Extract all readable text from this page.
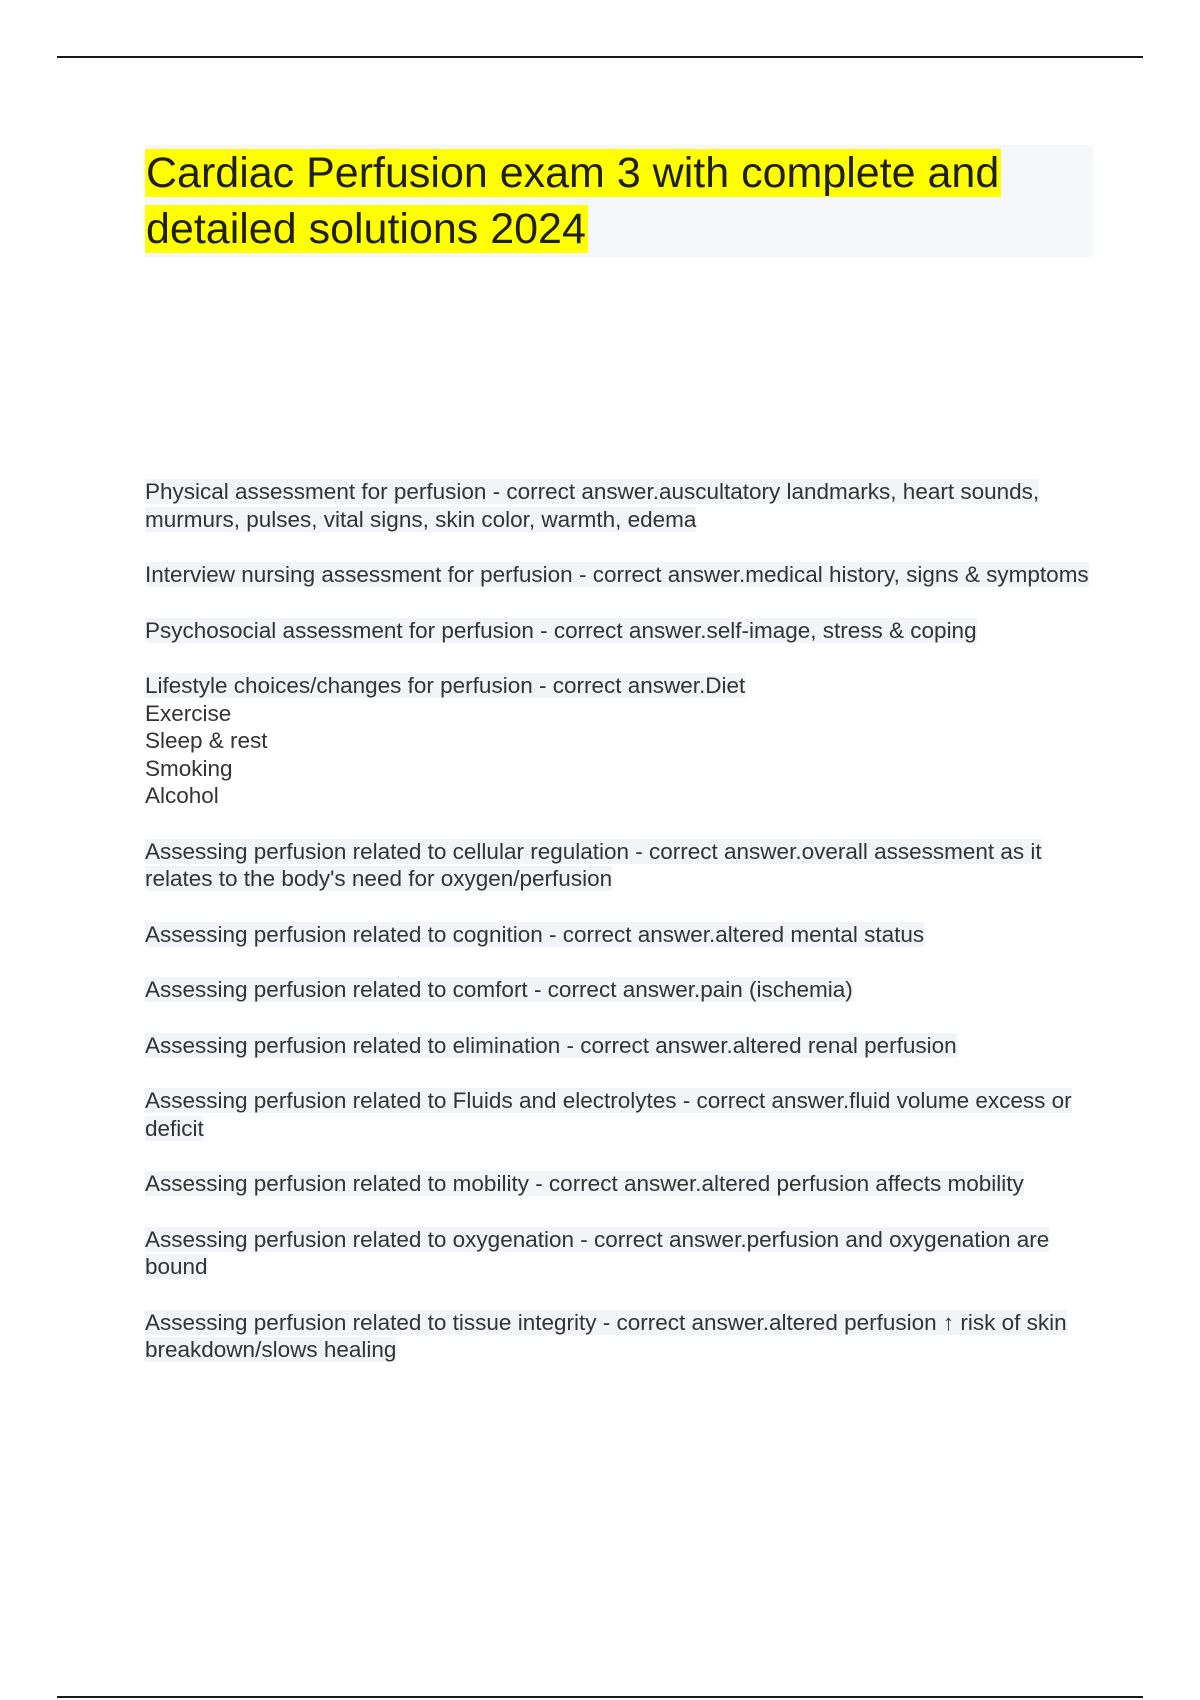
Cardiac Perfusion exam 3 with complete and detailed solutions 2024
Physical assessment for perfusion - correct answer.auscultatory landmarks, heart sounds, murmurs, pulses, vital signs, skin color, warmth, edema
Interview nursing assessment for perfusion - correct answer.medical history, signs & symptoms
Psychosocial assessment for perfusion - correct answer.self-image, stress & coping
Lifestyle choices/changes for perfusion - correct answer.Diet
Exercise
Sleep & rest
Smoking
Alcohol
Assessing perfusion related to cellular regulation - correct answer.overall assessment as it relates to the body's need for oxygen/perfusion
Assessing perfusion related to cognition - correct answer.altered mental status
Assessing perfusion related to comfort - correct answer.pain (ischemia)
Assessing perfusion related to elimination - correct answer.altered renal perfusion
Assessing perfusion related to Fluids and electrolytes - correct answer.fluid volume excess or deficit
Assessing perfusion related to mobility - correct answer.altered perfusion affects mobility
Assessing perfusion related to oxygenation - correct answer.perfusion and oxygenation are bound
Assessing perfusion related to tissue integrity - correct answer.altered perfusion ↑ risk of skin breakdown/slows healing
